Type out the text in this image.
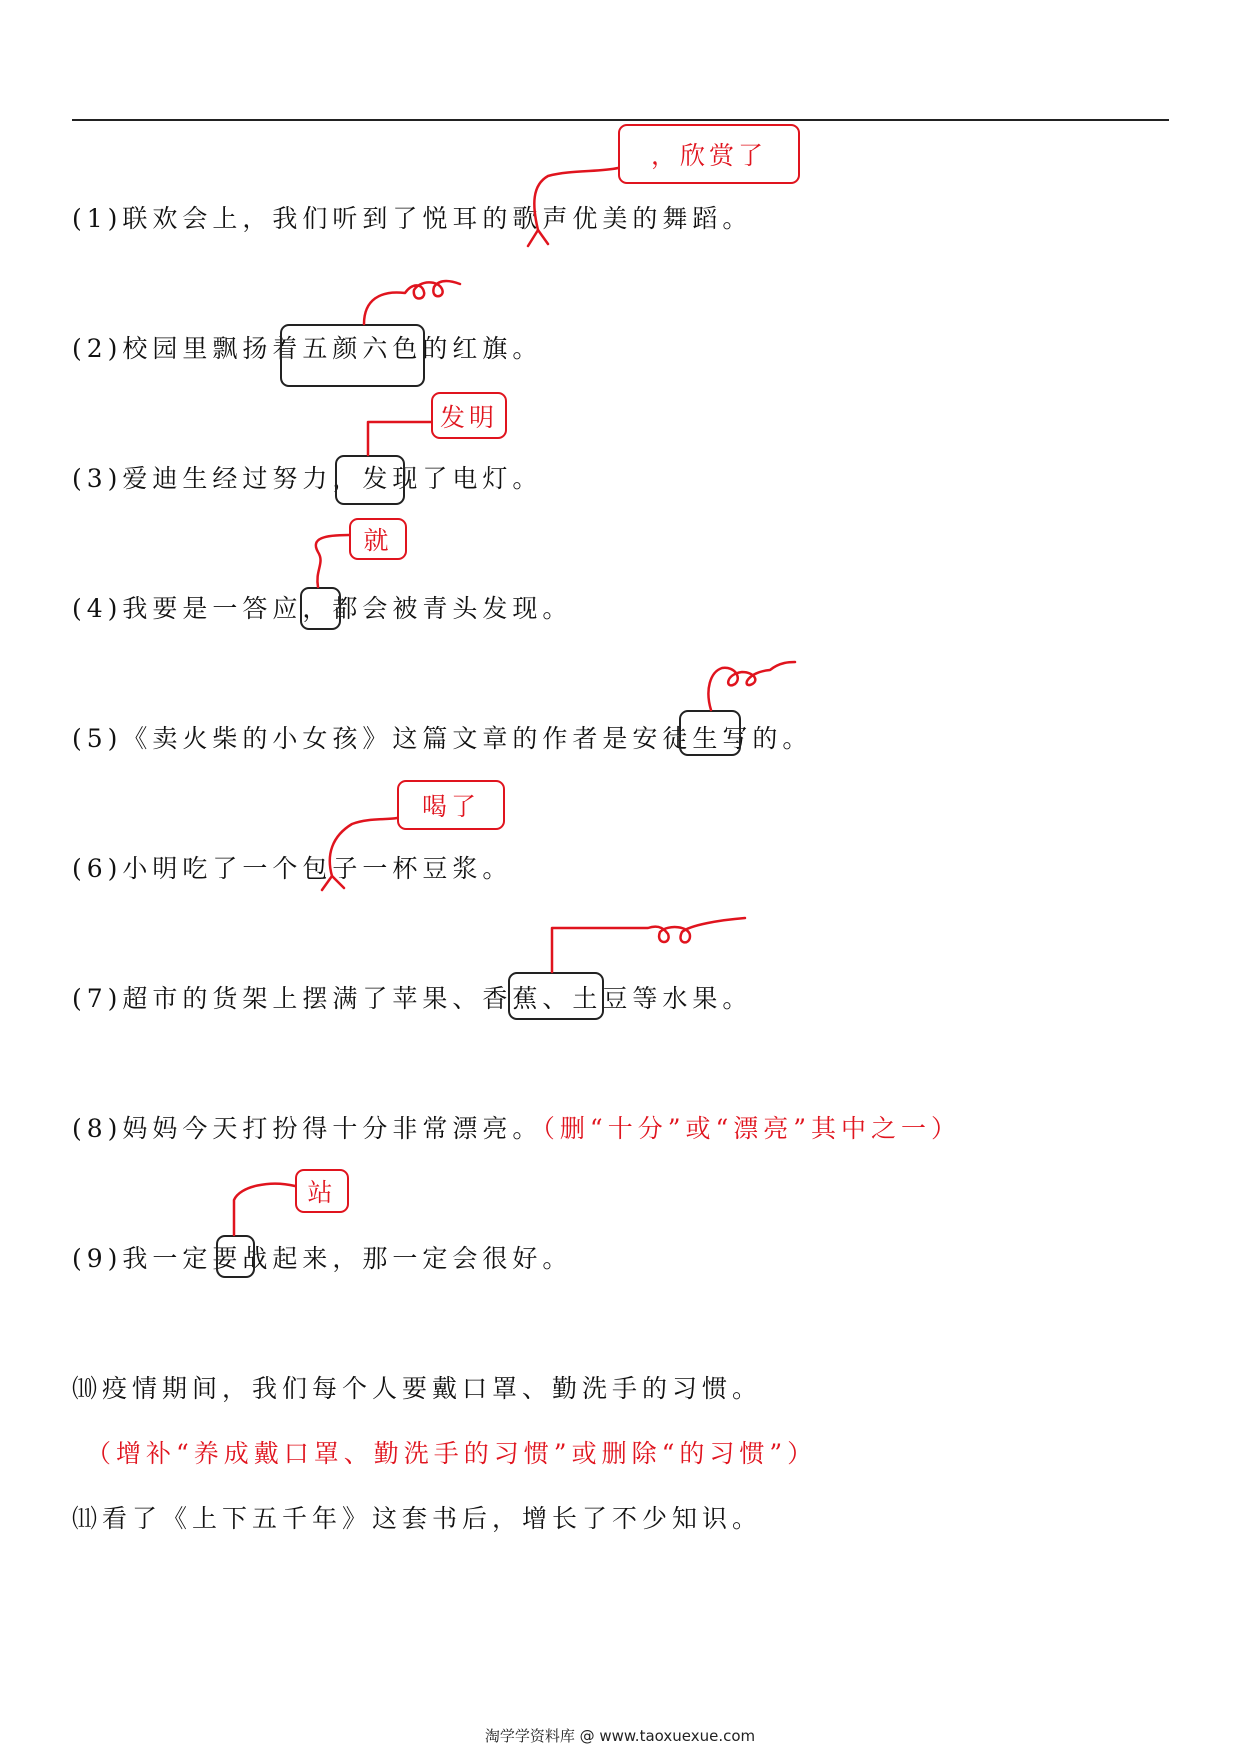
(1)联欢会上，我们听到了悦耳的歌声优美的舞蹈。
(2)校园里飘扬着五颜六色的红旗。
(3)爱迪生经过努力，发现了电灯。
(4)我要是一答应，都会被青头发现。
(5)《卖火柴的小女孩》这篇文章的作者是安徒生写的。
(6)小明吃了一个包子一杯豆浆。
(7)超市的货架上摆满了苹果、香蕉、土豆等水果。
(8)妈妈今天打扮得十分非常漂亮。（删“十分”或“漂亮”其中之一）
(9)我一定要战起来，那一定会很好。
⑽疫情期间，我们每个人要戴口罩、勤洗手的习惯。
（增补“养成戴口罩、勤洗手的习惯”或删除“的习惯”）
⑾看了《上下五千年》这套书后，增长了不少知识。
，欣赏了
发明
就
喝了
站
淘学学资料库 @ www.taoxuexue.com
